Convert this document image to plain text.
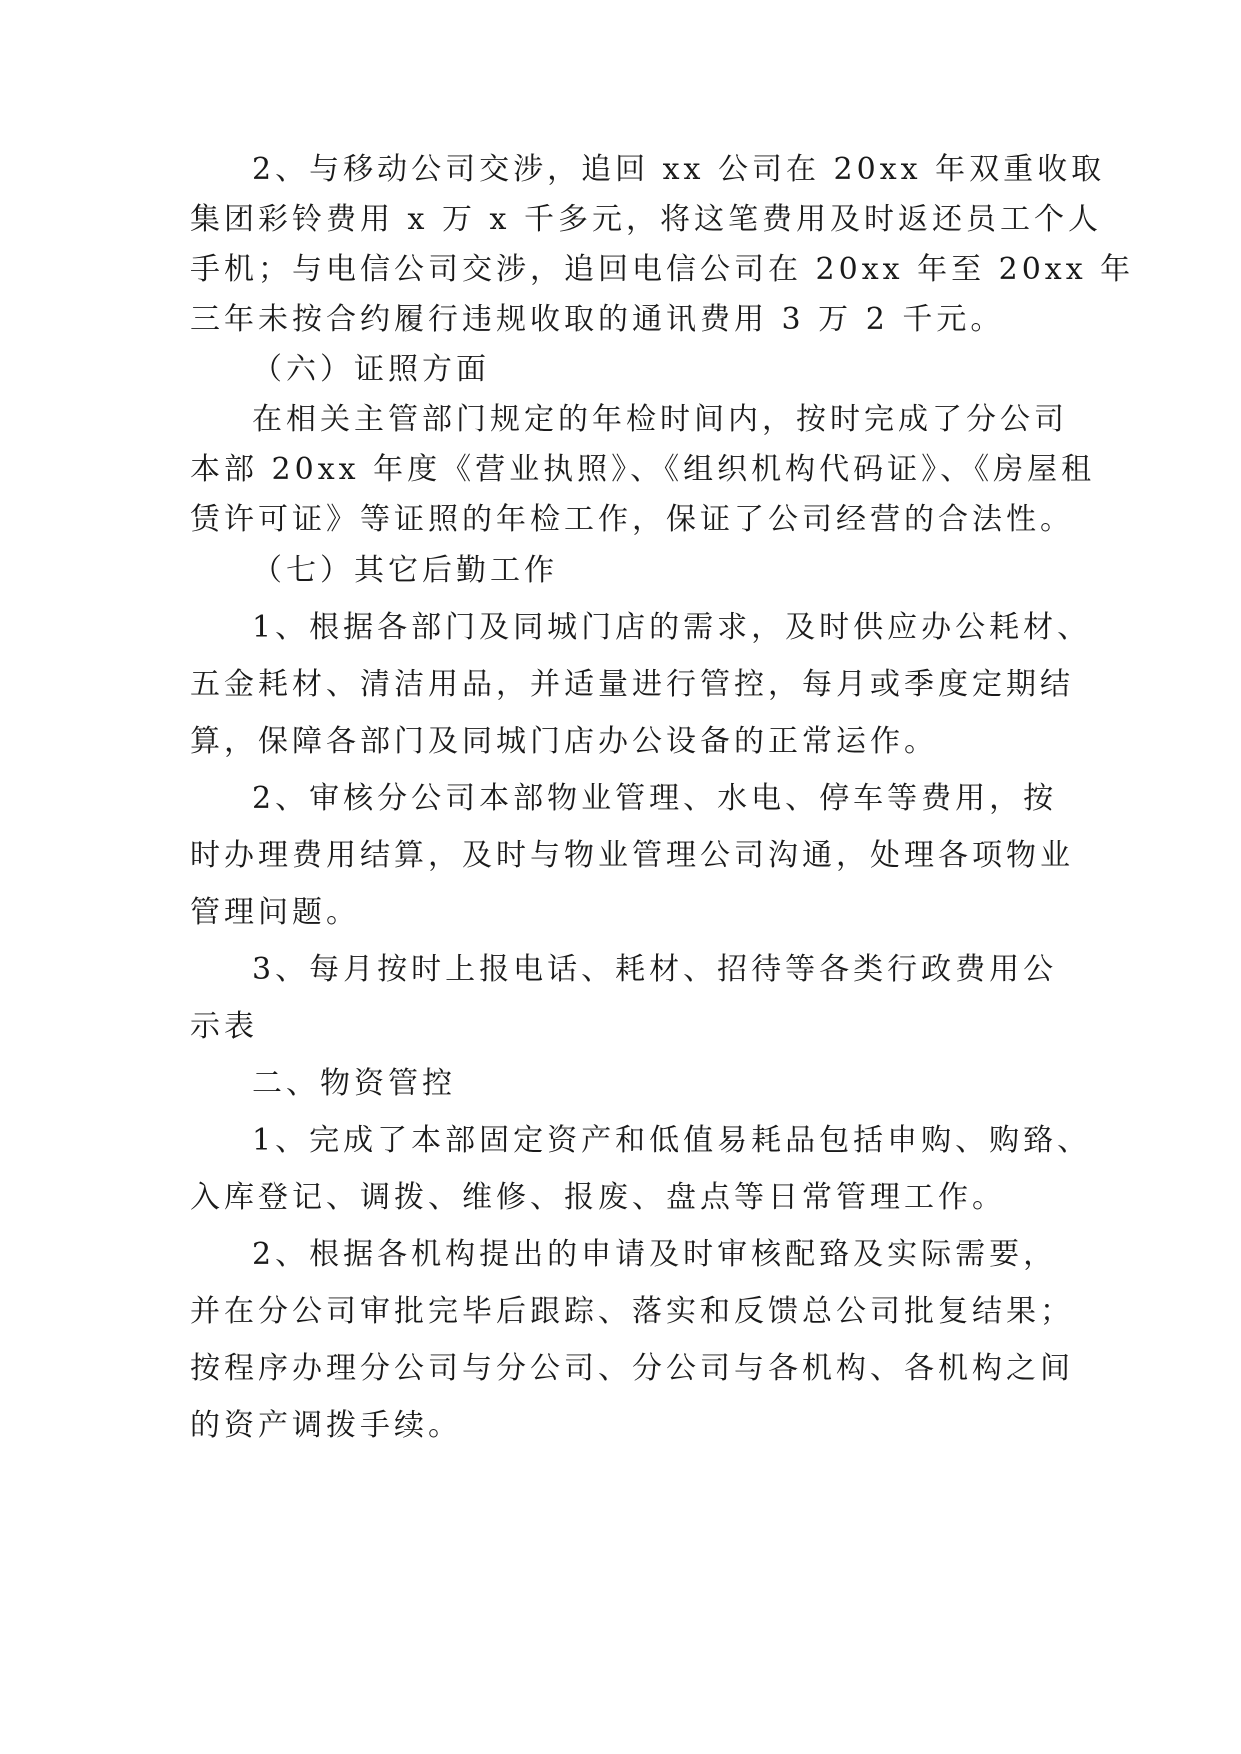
2、与移动公司交涉，追回 xx 公司在 20xx 年双重收取

集团彩铃费用 x 万 x 千多元，将这笔费用及时返还员工个人

手机；与电信公司交涉，追回电信公司在 20xx 年至 20xx 年

三年未按合约履行违规收取的通讯费用 3 万 2 千元。

（六）证照方面

在相关主管部门规定的年检时间内，按时完成了分公司

本部 20xx 年度《营业执照》、《组织机构代码证》、《房屋租

赁许可证》等证照的年检工作，保证了公司经营的合法性。

（七）其它后勤工作

1、根据各部门及同城门店的需求，及时供应办公耗材、

五金耗材、清洁用品，并适量进行管控，每月或季度定期结

算，保障各部门及同城门店办公设备的正常运作。

2、审核分公司本部物业管理、水电、停车等费用，按

时办理费用结算，及时与物业管理公司沟通，处理各项物业

管理问题。

3、每月按时上报电话、耗材、招待等各类行政费用公

示表

二、物资管控

1、完成了本部固定资产和低值易耗品包括申购、购臵、

入库登记、调拨、维修、报废、盘点等日常管理工作。

2、根据各机构提出的申请及时审核配臵及实际需要，

并在分公司审批完毕后跟踪、落实和反馈总公司批复结果；

按程序办理分公司与分公司、分公司与各机构、各机构之间

的资产调拨手续。
